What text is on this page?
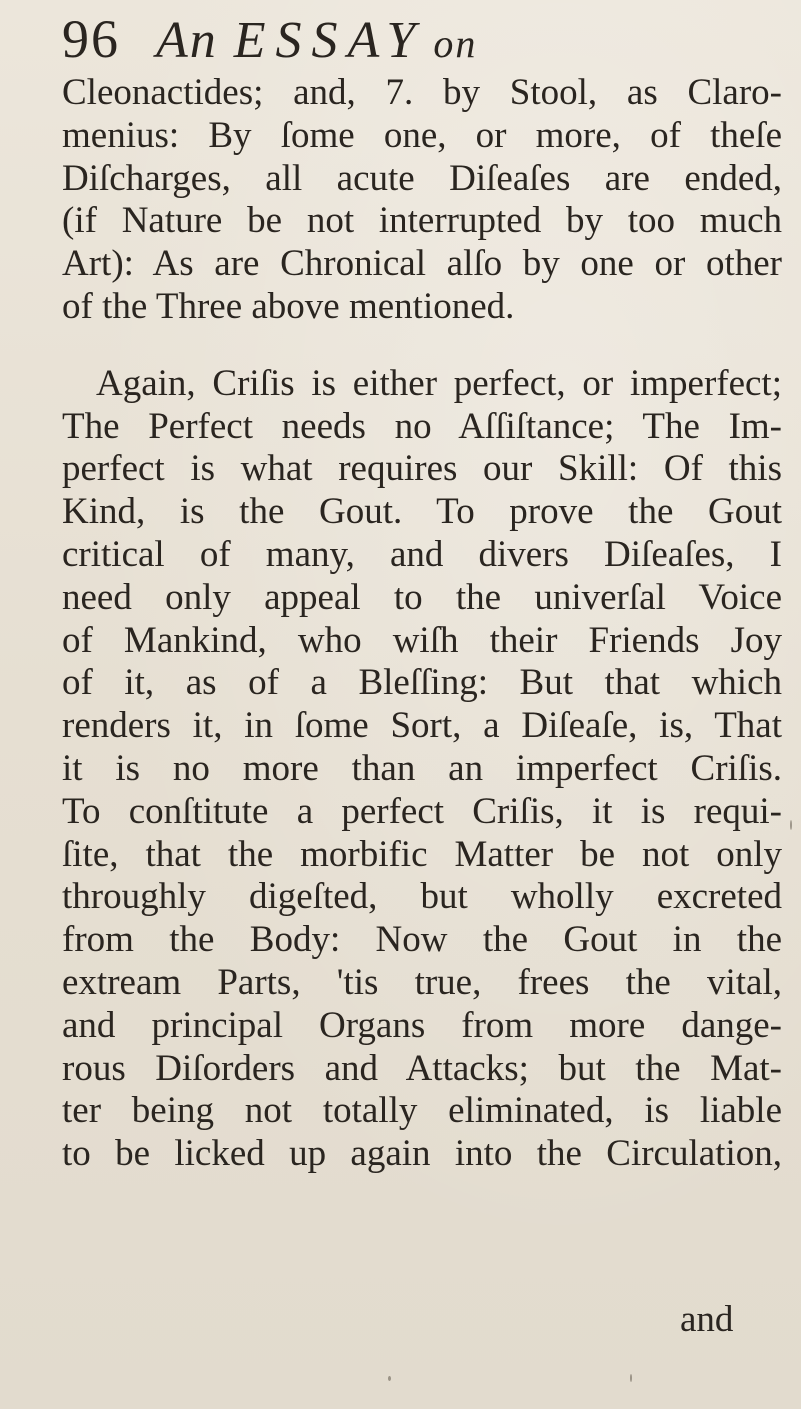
96 An ESSAY on
Cleonactides; and, 7. by Stool, as Claro-
menius: By ſome one, or more, of theſe
Diſcharges, all acute Diſeaſes are ended,
(if Nature be not interrupted by too much
Art): As are Chronical alſo by one or other
of the Three above mentioned.
Again, Criſis is either perfect, or imperfect;
The Perfect needs no Aſſiſtance; The Im-
perfect is what requires our Skill: Of this
Kind, is the Gout. To prove the Gout
critical of many, and divers Diſeaſes, I
need only appeal to the univerſal Voice
of Mankind, who wiſh their Friends Joy
of it, as of a Bleſſing: But that which
renders it, in ſome Sort, a Diſeaſe, is, That
it is no more than an imperfect Criſis.
To conſtitute a perfect Criſis, it is requi-
ſite, that the morbific Matter be not only
throughly digeſted, but wholly excreted
from the Body: Now the Gout in the
extream Parts, 'tis true, frees the vital,
and principal Organs from more dange-
rous Diſorders and Attacks; but the Mat-
ter being not totally eliminated, is liable
to be licked up again into the Circulation,
and
